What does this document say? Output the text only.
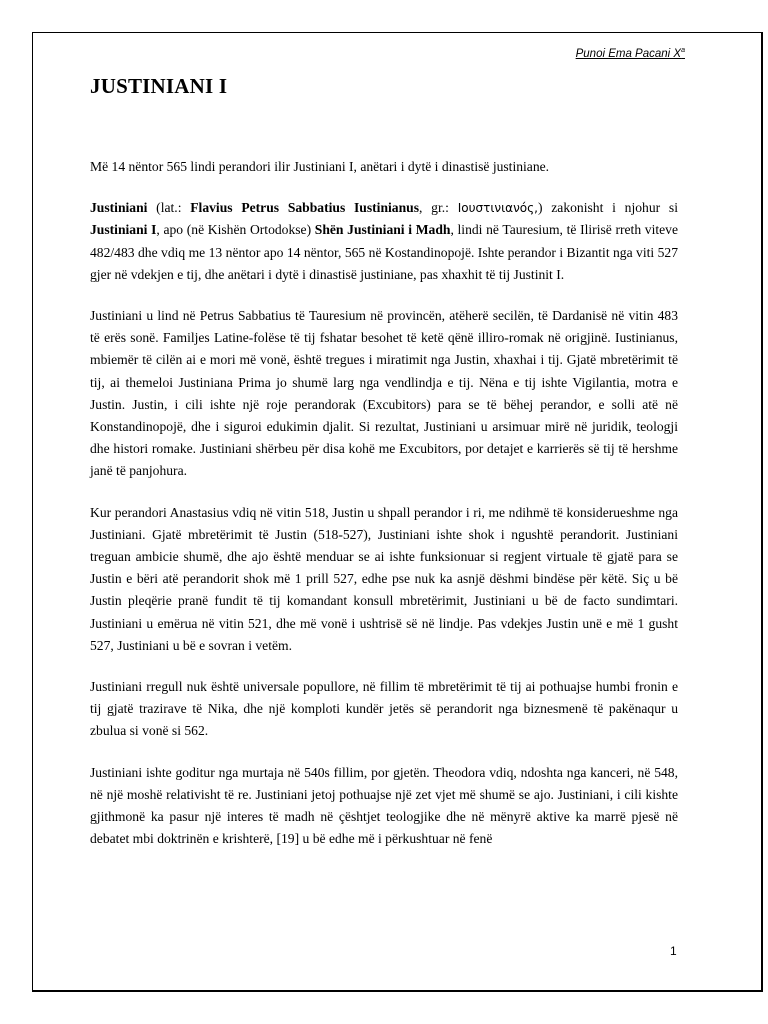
Punoi Ema Pacani $X^a$
JUSTINIANI I

Më 14 nëntor 565 lindi perandori ilir Justiniani I, anëtari i dytë i dinastisë justiniane.

Justiniani (lat.: Flavius Petrus Sabbatius Iustinianus, gr.: Ιουστινιανός,) zakonisht i njohur si Justiniani I, apo (në Kishën Ortodokse) Shën Justiniani i Madh, lindi në Tauresium, të Ilirisë rreth viteve 482/483 dhe vdiq me 13 nëntor apo 14 nëntor, 565 në Kostandinopojë. Ishte perandor i Bizantit nga viti 527 gjer në vdekjen e tij, dhe anëtari i dytë i dinastisë justiniane, pas xhaxhit të tij Justinit I.

Justiniani u lind në Petrus Sabbatius të Tauresium në provincën, atëherë secilën, të Dardanisë në vitin 483 të erës sonë. Familjes Latine-folëse të tij fshatar besohet të ketë qënë illiro-romak në origjinë. Iustinianus, mbiemër të cilën ai e mori më vonë, është tregues i miratimit nga Justin, xhaxhai i tij. Gjatë mbretërimit të tij, ai themeloi Justiniana Prima jo shumë larg nga vendlindja e tij. Nëna e tij ishte Vigilantia, motra e Justin. Justin, i cili ishte një roje perandorak (Excubitors) para se të bëhej perandor, e solli atë në Konstandinopojë, dhe i siguroi edukimin djalit. Si rezultat, Justiniani u arsimuar mirë në juridik, teologji dhe histori romake. Justiniani shërbeu për disa kohë me Excubitors, por detajet e karrierës së tij të hershme janë të panjohura.

Kur perandori Anastasius vdiq në vitin 518, Justin u shpall perandor i ri, me ndihmë të konsiderueshme nga Justiniani. Gjatë mbretërimit të Justin (518-527), Justiniani ishte shok i ngushtë perandorit. Justiniani treguan ambicie shumë, dhe ajo është menduar se ai ishte funksionuar si regjent virtuale të gjatë para se Justin e bëri atë perandorit shok më 1 prill 527, edhe pse nuk ka asnjë dëshmi bindëse për këtë. Siç u bë Justin pleqërie pranë fundit të tij komandant konsull mbretërimit, Justiniani u bë de facto sundimtari. Justiniani u emërua në vitin 521, dhe më vonë i ushtrisë së në lindje. Pas vdekjes Justin unë e më 1 gusht 527, Justiniani u bë e sovran i vetëm.

Justiniani rregull nuk është universale popullore, në fillim të mbretërimit të tij ai pothuajse humbi fronin e tij gjatë trazirave të Nika, dhe një komploti kundër jetës së perandorit nga biznesmenë të pakënaqur u zbulua si vonë si 562.

Justiniani ishte goditur nga murtaja në 540s fillim, por gjetën. Theodora vdiq, ndoshta nga kanceri, në 548, në një moshë relativisht të re. Justiniani jetoj pothuajse një zet vjet më shumë se ajo. Justiniani, i cili kishte gjithmonë ka pasur një interes të madh në çështjet teologjike dhe në mënyrë aktive ka marrë pjesë në debatet mbi doktrinën e krishterë, [19] u bë edhe më i përkushtuar në fenë

1
